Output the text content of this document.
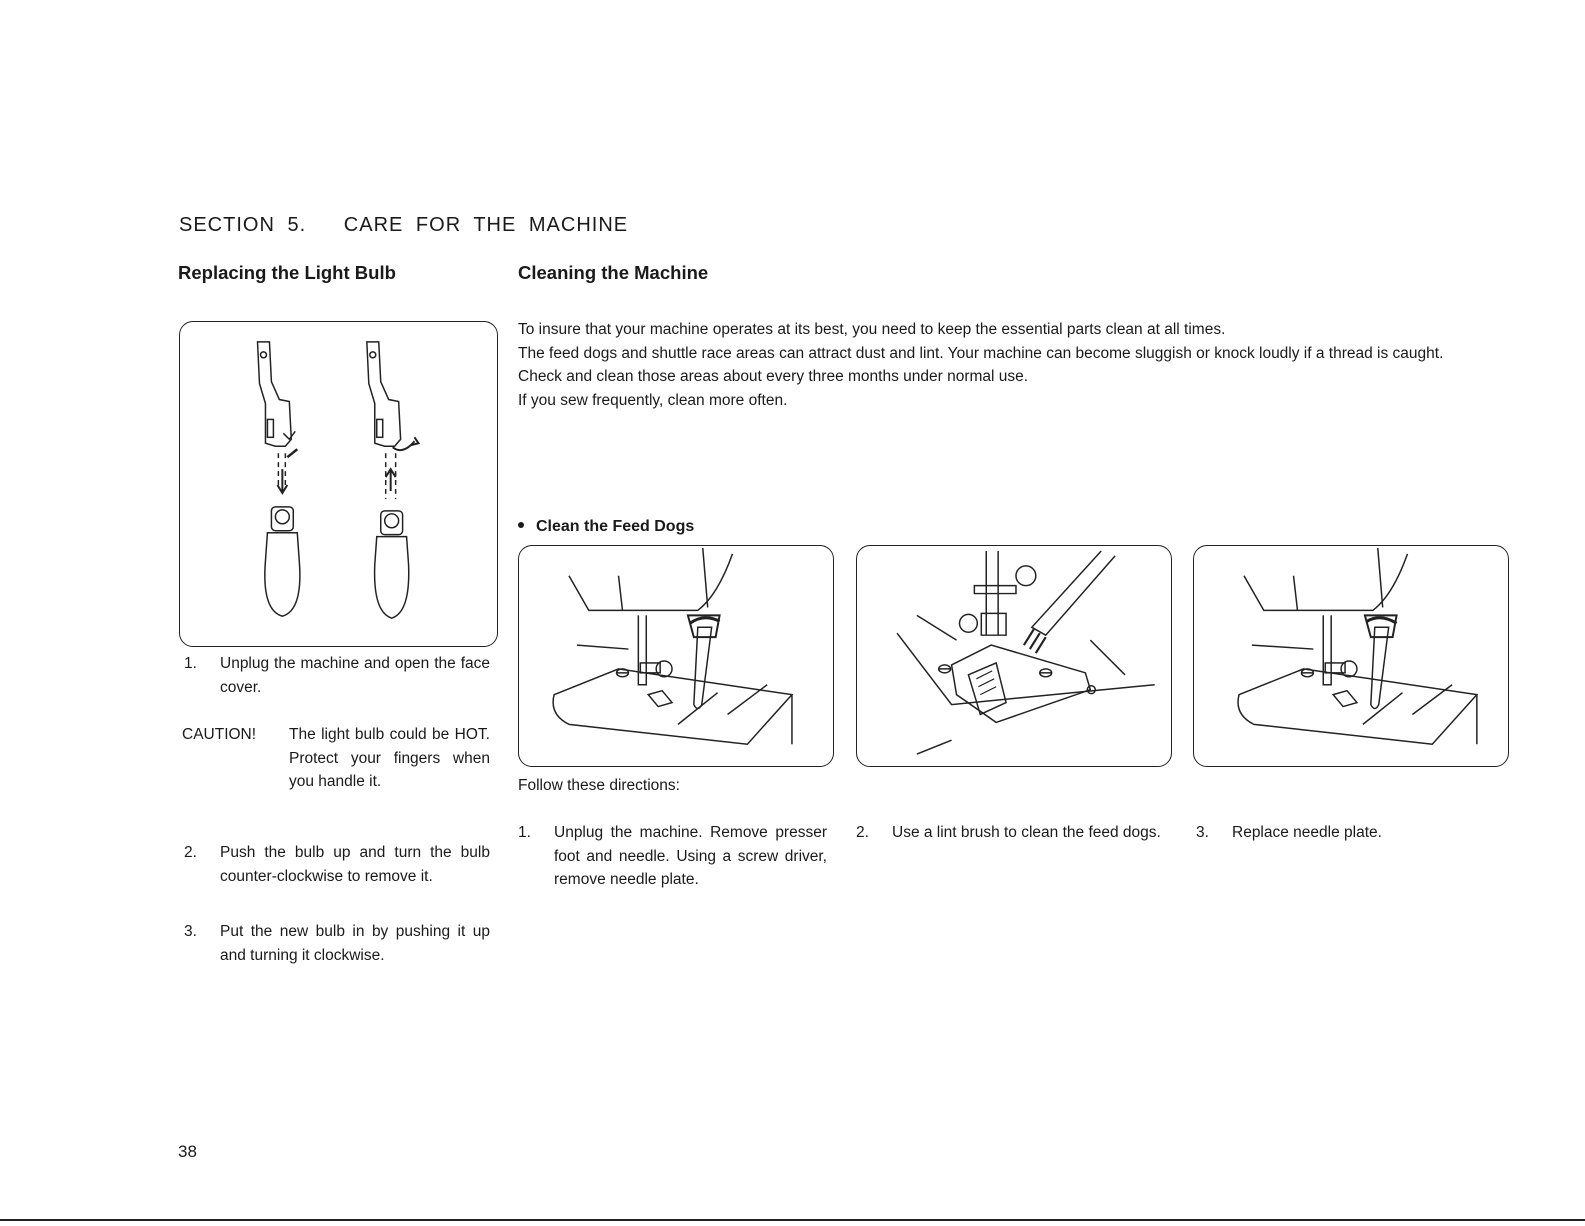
SECTION 5.   CARE FOR THE MACHINE
Replacing the Light Bulb	Cleaning the Machine
1. Unplug the machine and open the face cover.
CAUTION! The light bulb could be HOT. Protect your fingers when you handle it.
2. Push the bulb up and turn the bulb counter-clockwise to remove it.
3. Put the new bulb in by pushing it up and turning it clockwise.
To insure that your machine operates at its best, you need to keep the essential parts clean at all times.
The feed dogs and shuttle race areas can attract dust and lint. Your machine can become sluggish or knock loudly if a thread is caught.
Check and clean those areas about every three months under normal use.
If you sew frequently, clean more often.
Clean the Feed Dogs
Follow these directions:
1. Unplug the machine. Remove presser foot and needle. Using a screw driver, remove needle plate.
2. Use a lint brush to clean the feed dogs.	3. Replace needle plate.
38
